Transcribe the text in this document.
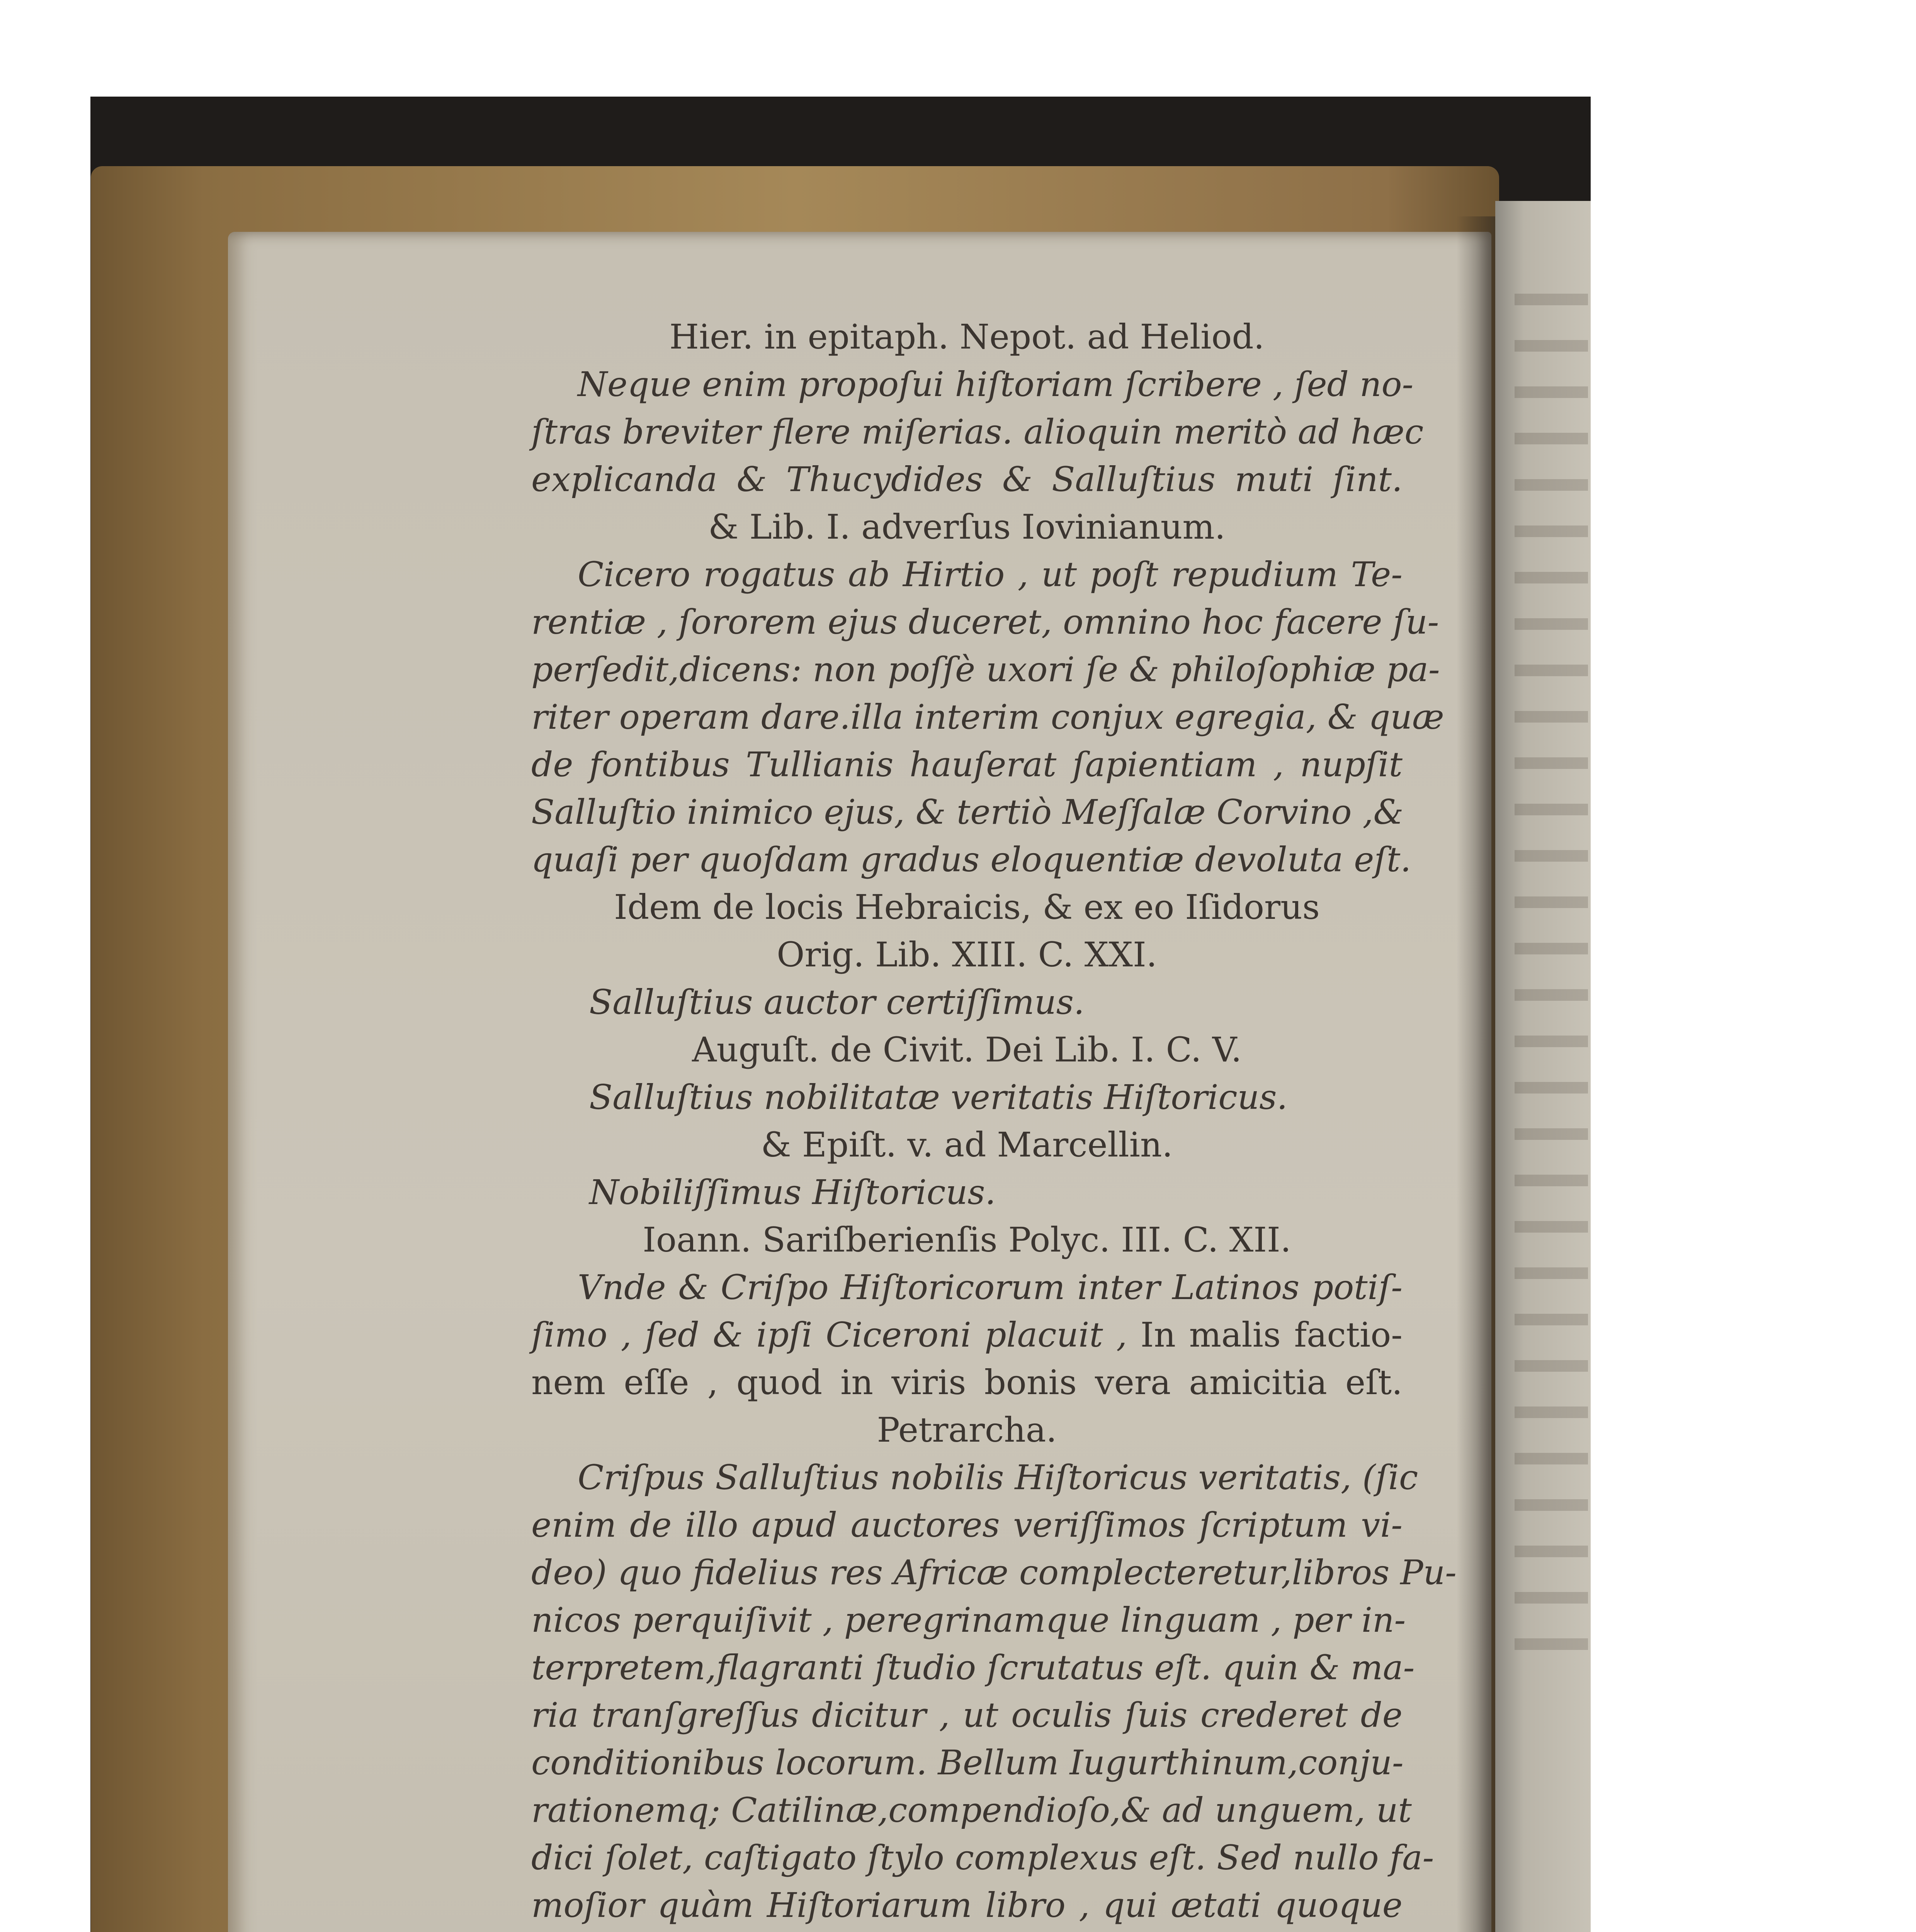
Hier. in epitaph. Nepot. ad Heliod.
Neque enim propoſui hiſtoriam ſcribere , ſed no-
ſtras breviter flere miſerias. alioquin meritò ad hæc
explicanda & Thucydides & Salluſtius muti ſint.
& Lib. I. adverſus Iovinianum.
Cicero rogatus ab Hirtio , ut poſt repudium Te-
rentiæ , ſororem ejus duceret, omnino hoc facere ſu-
perſedit,dicens: non poſſè uxori ſe & philoſophiæ pa-
riter operam dare.illa interim conjux egregia, & quæ
de fontibus Tullianis hauſerat ſapientiam , nupſit
Salluſtio inimico ejus, & tertiò Meſſalæ Corvino ,&
quaſi per quoſdam gradus eloquentiæ devoluta eſt.
Idem de locis Hebraicis, & ex eo Iſidorus
Orig. Lib. XIII. C. XXI.
Salluſtius auctor certiſſimus.
Auguſt. de Civit. Dei Lib. I. C. V.
Salluſtius nobilitatæ veritatis Hiſtoricus.
& Epiſt. v. ad Marcellin.
Nobiliſſimus Hiſtoricus.
Ioann. Sariſberienſis Polyc. III. C. XII.
Vnde & Criſpo Hiſtoricorum inter Latinos potiſ-
ſimo , ſed & ipſi Ciceroni placuit , In malis factio-
nem eſſe , quod in viris bonis vera amicitia eſt.
Petrarcha.
Criſpus Salluſtius nobilis Hiſtoricus veritatis, (ſic
enim de illo apud auctores veriſſimos ſcriptum vi-
deo) quo fidelius res Africæ complecteretur,libros Pu-
nicos perquiſivit , peregrinamque linguam , per in-
terpretem,flagranti ſtudio ſcrutatus eſt. quin & ma-
ria tranſgreſſus dicitur , ut oculis ſuis crederet de
conditionibus locorum. Bellum Iugurthinum,conju-
rationemq; Catilinæ,compendioſo,& ad unguem, ut
dici ſolet, caſtigato ſtylo complexus eſt. Sed nullo fa-
moſior quàm Hiſtoriarum libro , qui ætati quoque
